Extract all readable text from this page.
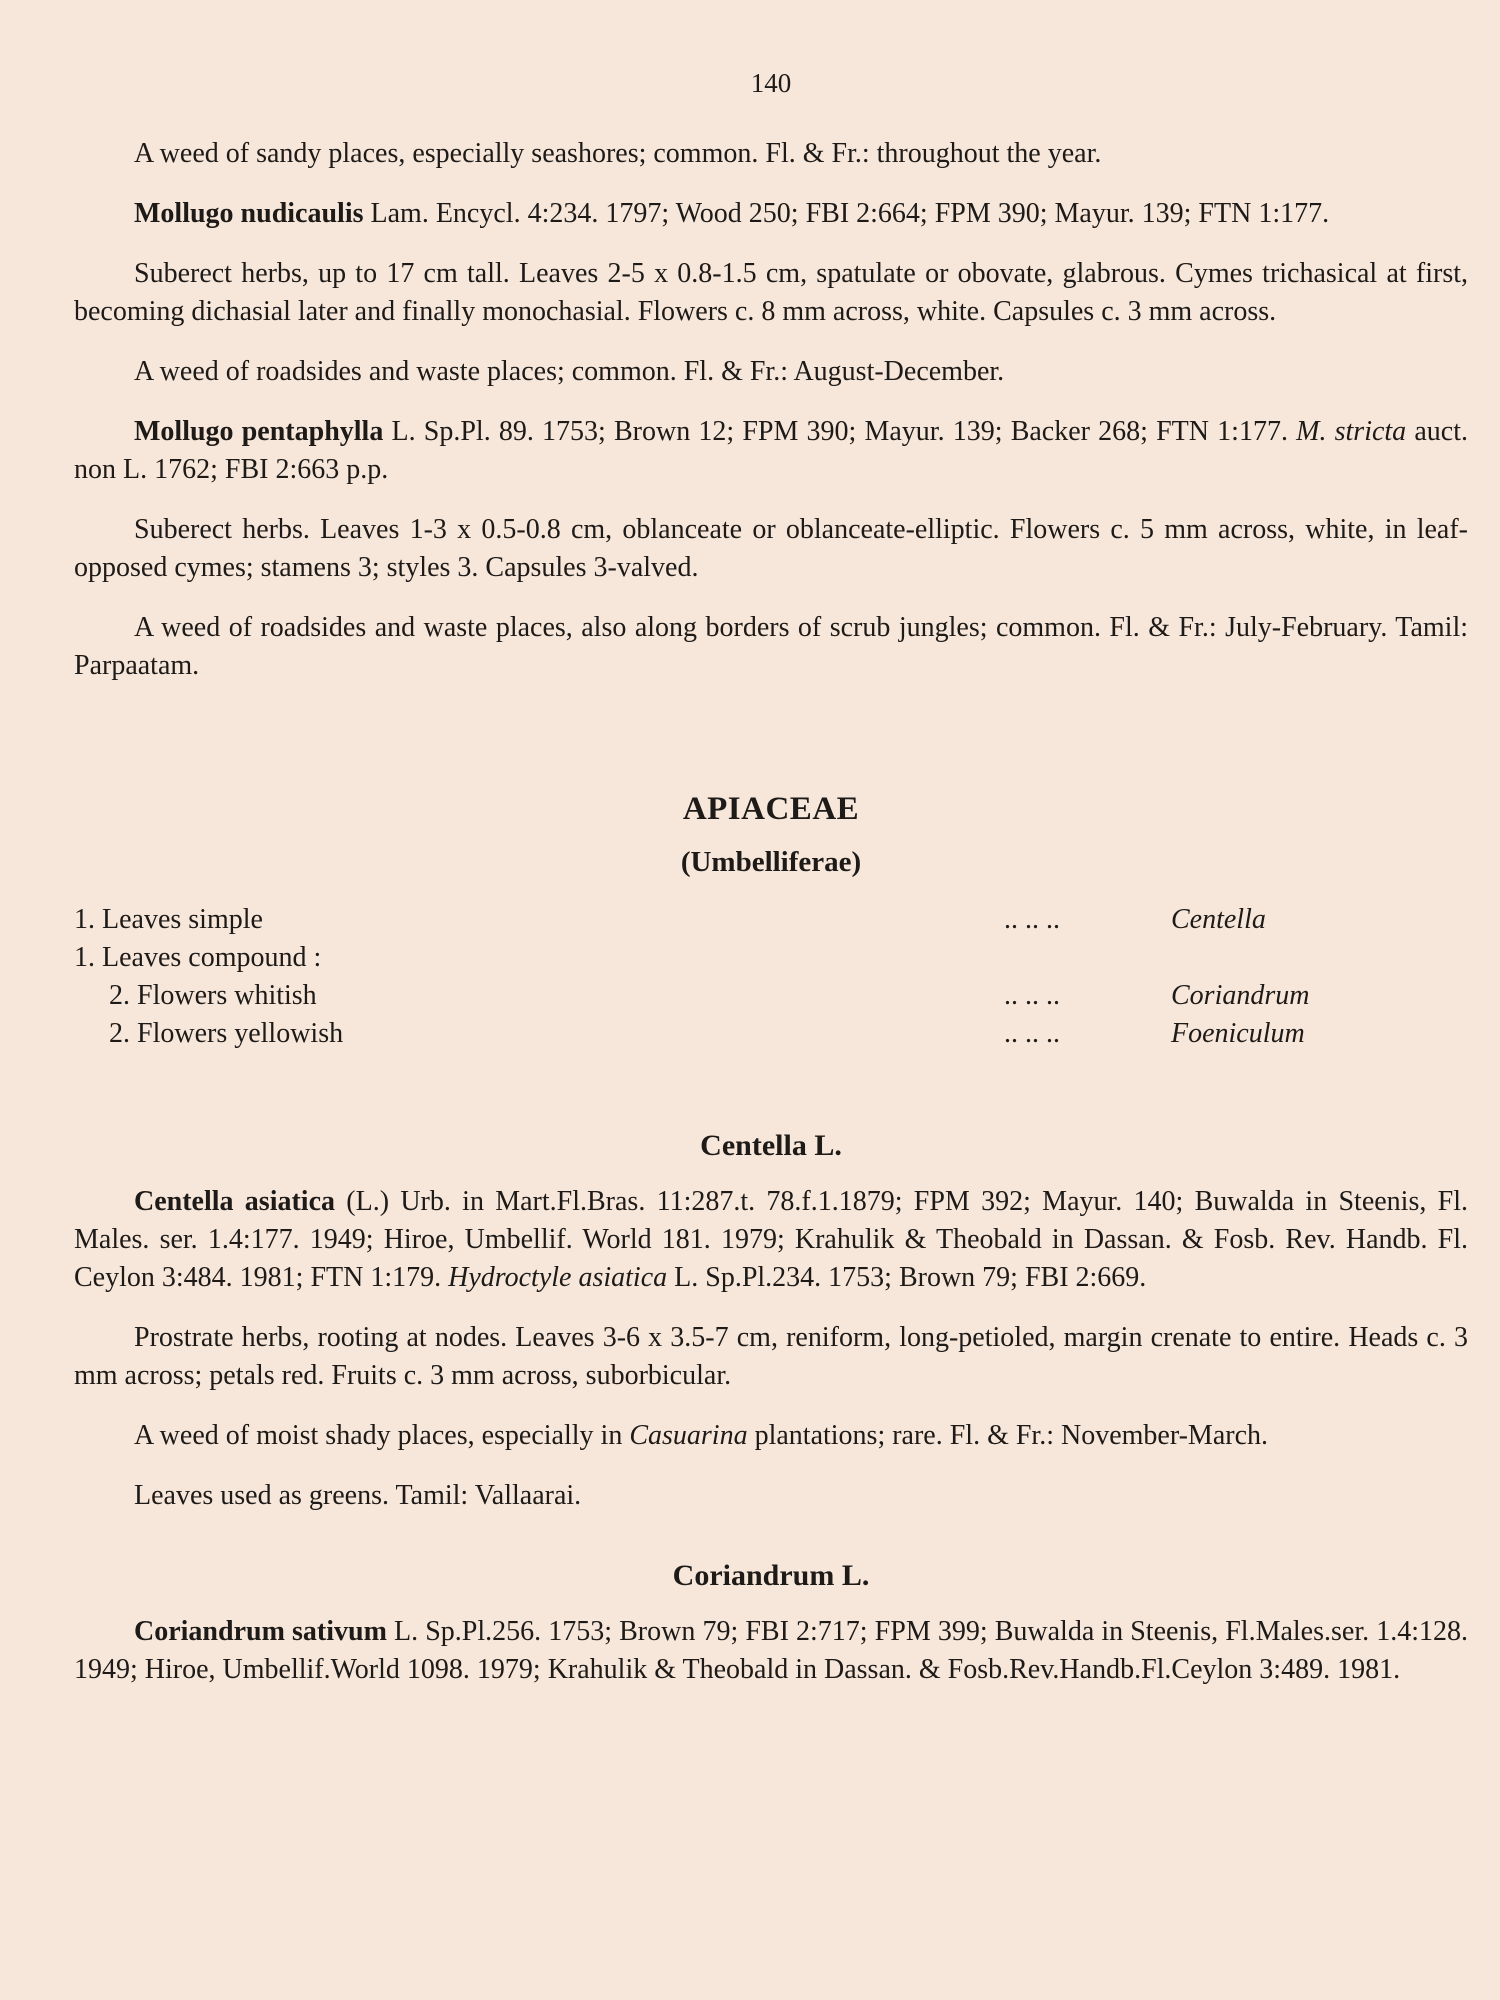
140

A weed of sandy places, especially seashores; common. Fl. & Fr.: throughout the year.

Mollugo nudicaulis Lam. Encycl. 4:234. 1797; Wood 250; FBI 2:664; FPM 390; Mayur. 139; FTN 1:177.

Suberect herbs, up to 17 cm tall. Leaves 2-5 x 0.8-1.5 cm, spatulate or obovate, glabrous. Cymes trichasical at first, becoming dichasial later and finally monochasial. Flowers c. 8 mm across, white. Capsules c. 3 mm across.

A weed of roadsides and waste places; common. Fl. & Fr.: August-December.

Mollugo pentaphylla L. Sp.Pl. 89. 1753; Brown 12; FPM 390; Mayur. 139; Backer 268; FTN 1:177. M. stricta auct. non L. 1762; FBI 2:663 p.p.

Suberect herbs. Leaves 1-3 x 0.5-0.8 cm, oblanceate or oblanceate-elliptic. Flowers c. 5 mm across, white, in leaf-opposed cymes; stamens 3; styles 3. Capsules 3-valved.

A weed of roadsides and waste places, also along borders of scrub jungles; common. Fl. & Fr.: July-February. Tamil: Parpaatam.

APIACEAE
(Umbelliferae)
1. Leaves simple	.. .. ..	Centella
1. Leaves compound :
2. Flowers whitish	.. .. ..	Coriandrum
2. Flowers yellowish	.. .. ..	Foeniculum
Centella L.

Centella asiatica (L.) Urb. in Mart.Fl.Bras. 11:287.t. 78.f.1.1879; FPM 392; Mayur. 140; Buwalda in Steenis, Fl. Males. ser. 1.4:177. 1949; Hiroe, Umbellif. World 181. 1979; Krahulik & Theobald in Dassan. & Fosb. Rev. Handb. Fl. Ceylon 3:484. 1981; FTN 1:179. Hydroctyle asiatica L. Sp.Pl.234. 1753; Brown 79; FBI 2:669.

Prostrate herbs, rooting at nodes. Leaves 3-6 x 3.5-7 cm, reniform, long-petioled, margin crenate to entire. Heads c. 3 mm across; petals red. Fruits c. 3 mm across, suborbicular.

A weed of moist shady places, especially in Casuarina plantations; rare. Fl. & Fr.: November-March.

Leaves used as greens. Tamil: Vallaarai.

Coriandrum L.

Coriandrum sativum L. Sp.Pl.256. 1753; Brown 79; FBI 2:717; FPM 399; Buwalda in Steenis, Fl.Males.ser. 1.4:128. 1949; Hiroe, Umbellif.World 1098. 1979; Krahulik & Theobald in Dassan. & Fosb.Rev.Handb.Fl.Ceylon 3:489. 1981.
